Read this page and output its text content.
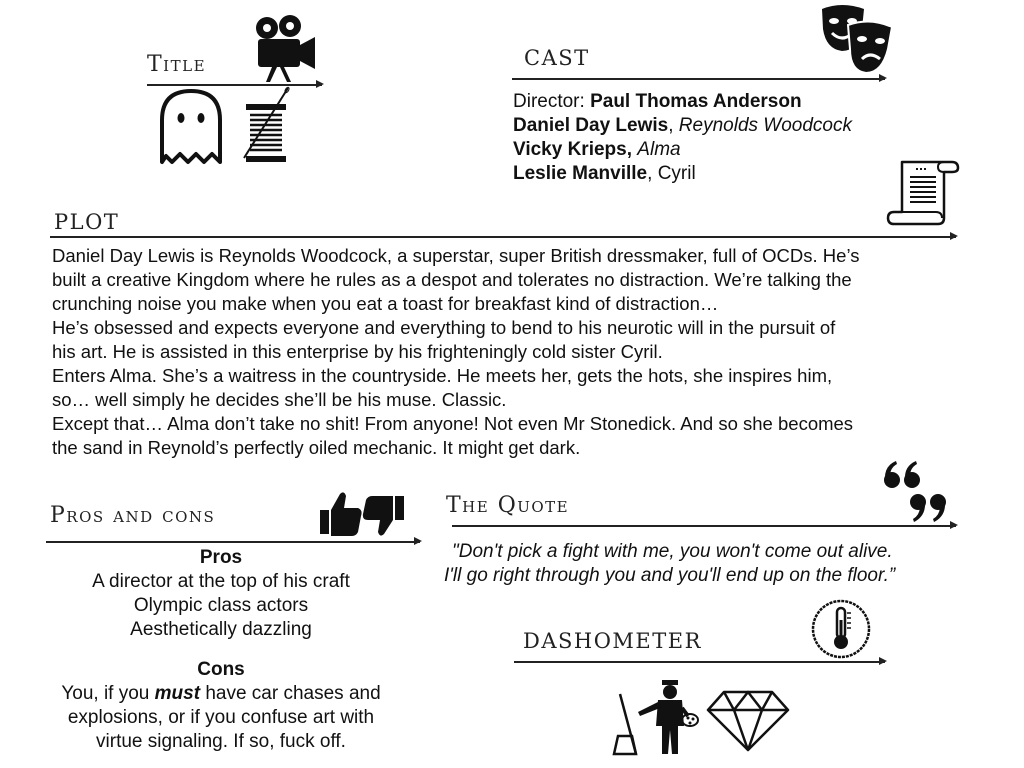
Title	CAST
Director: Paul Thomas Anderson
Daniel Day Lewis, Reynolds Woodcock
Vicky Krieps, Alma
Leslie Manville, Cyril
PLOT

Daniel Day Lewis is Reynolds Woodcock, a superstar, super British dressmaker, full of OCDs. He’s

built a creative Kingdom where he rules as a despot and tolerates no distraction. We’re talking the

crunching noise you make when you eat a toast for breakfast kind of distraction…

He’s obsessed and expects everyone and everything to bend to his neurotic will in the pursuit of

his art. He is assisted in this enterprise by his frighteningly cold sister Cyril.

Enters Alma. She’s a waitress in the countryside. He meets her, gets the hots, she inspires him,

so… well simply he decides she’ll be his muse. Classic.

Except that… Alma don’t take no shit! From anyone! Not even Mr Stonedick. And so she becomes

the sand in Reynold’s perfectly oiled mechanic. It might get dark.

Pros and cons
Pros
A director at the top of his craft
Olympic class actors
Aesthetically dazzling
Cons
You, if you must have car chases and
explosions, or if you confuse art with
virtue signaling. If so, fuck off.
The Quote
"Don't pick a fight with me, you won't come out alive.
I'll go right through you and you'll end up on the floor.”
DASHOMETER
